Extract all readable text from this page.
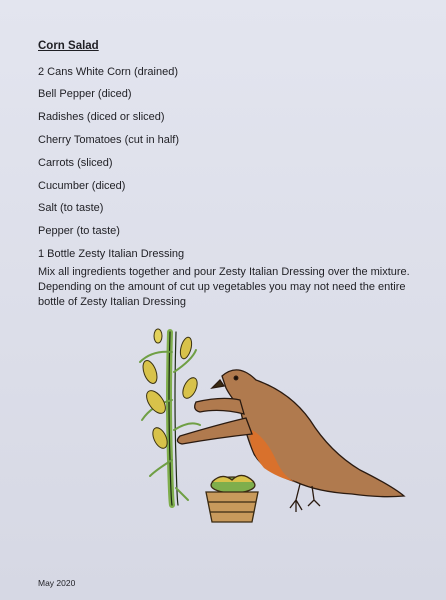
Corn Salad
2 Cans White Corn (drained)
Bell Pepper (diced)
Radishes (diced or sliced)
Cherry Tomatoes (cut in half)
Carrots (sliced)
Cucumber (diced)
Salt (to taste)
Pepper (to taste)
1 Bottle Zesty Italian Dressing
Mix all ingredients together and pour Zesty Italian Dressing over the mixture. Depending on the amount of cut up vegetables you may not need the entire bottle of Zesty Italian Dressing
May 2020
